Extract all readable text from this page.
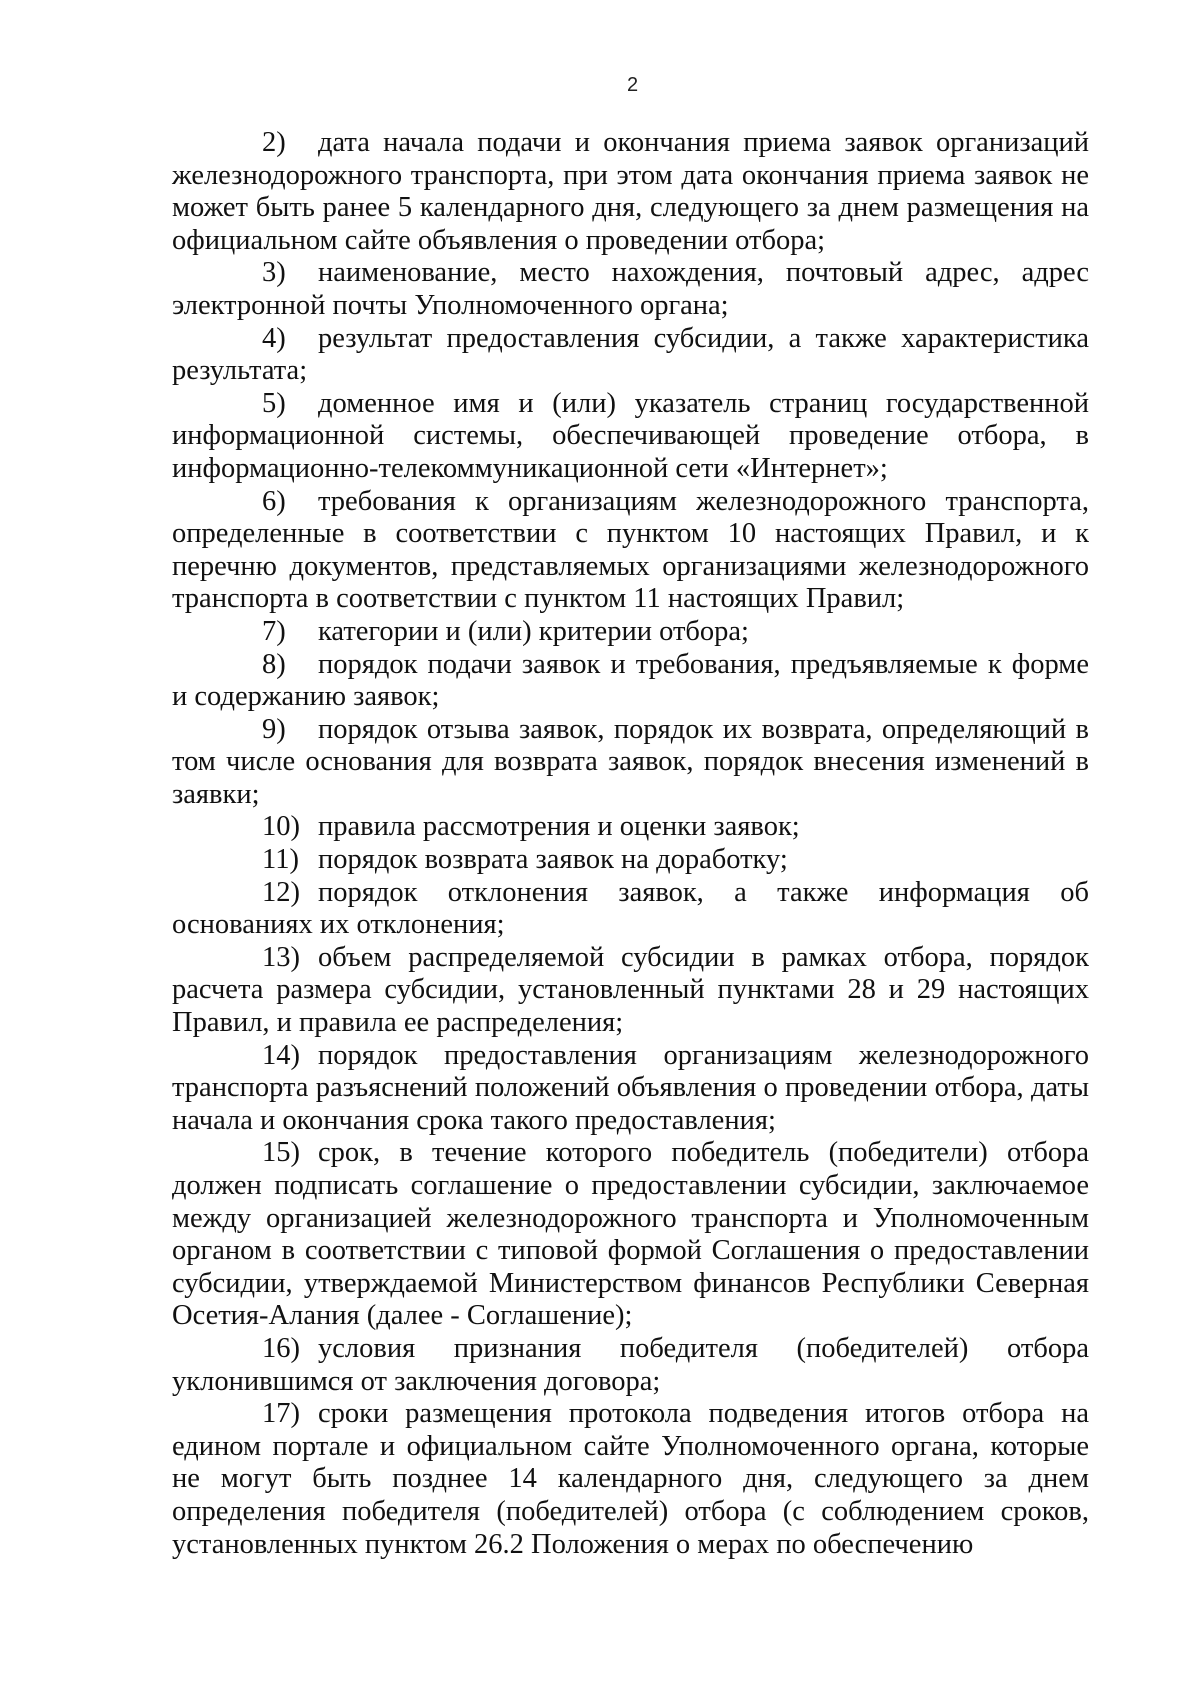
2

2) дата начала подачи и окончания приема заявок организаций железнодорожного транспорта, при этом дата окончания приема заявок не может быть ранее 5 календарного дня, следующего за днем размещения на официальном сайте объявления о проведении отбора;

3) наименование, место нахождения, почтовый адрес, адрес электронной почты Уполномоченного органа;

4) результат предоставления субсидии, а также характеристика результата;

5) доменное имя и (или) указатель страниц государственной информационной системы, обеспечивающей проведение отбора, в информационно-телекоммуникационной сети «Интернет»;

6) требования к организациям железнодорожного транспорта, определенные в соответствии с пунктом 10 настоящих Правил, и к перечню документов, представляемых организациями железнодорожного транспорта в соответствии с пунктом 11 настоящих Правил;

7) категории и (или) критерии отбора;

8) порядок подачи заявок и требования, предъявляемые к форме и содержанию заявок;

9) порядок отзыва заявок, порядок их возврата, определяющий в том числе основания для возврата заявок, порядок внесения изменений в заявки;

10) правила рассмотрения и оценки заявок;

11) порядок возврата заявок на доработку;

12) порядок отклонения заявок, а также информация об основаниях их отклонения;

13) объем распределяемой субсидии в рамках отбора, порядок расчета размера субсидии, установленный пунктами 28 и 29 настоящих Правил, и правила ее распределения;

14) порядок предоставления организациям железнодорожного транспорта разъяснений положений объявления о проведении отбора, даты начала и окончания срока такого предоставления;

15) срок, в течение которого победитель (победители) отбора должен подписать соглашение о предоставлении субсидии, заключаемое между организацией железнодорожного транспорта и Уполномоченным органом в соответствии с типовой формой Соглашения о предоставлении субсидии, утверждаемой Министерством финансов Республики Северная Осетия-Алания (далее - Соглашение);

16) условия признания победителя (победителей) отбора уклонившимся от заключения договора;

17) сроки размещения протокола подведения итогов отбора на едином портале и официальном сайте Уполномоченного органа, которые не могут быть позднее 14 календарного дня, следующего за днем определения победителя (победителей) отбора (с соблюдением сроков, установленных пунктом 26.2 Положения о мерах по обеспечению
